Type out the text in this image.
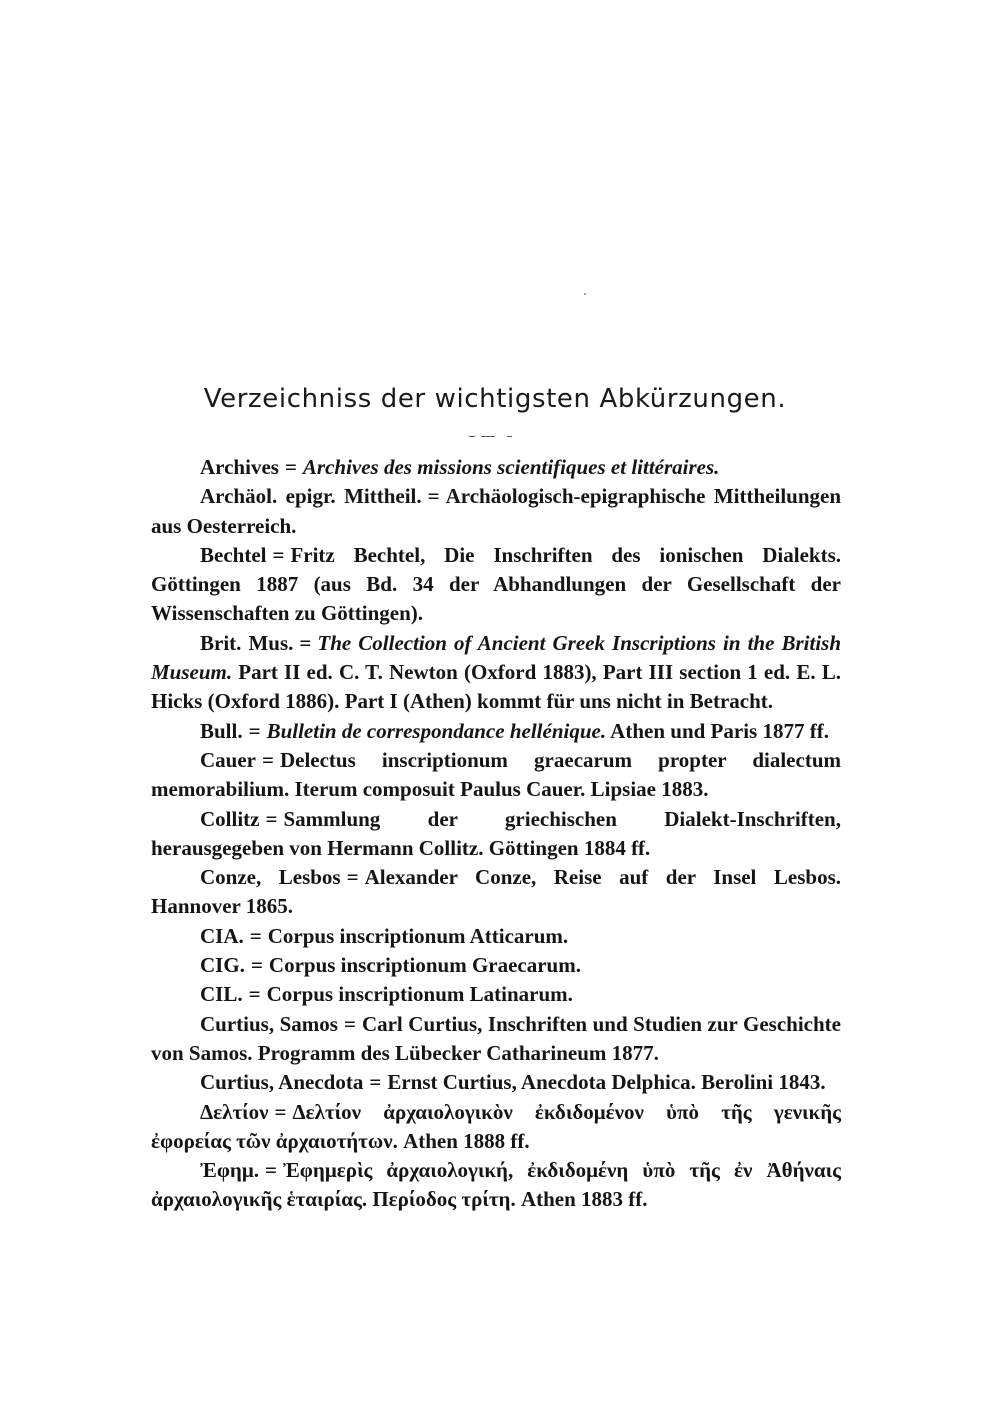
Verzeichniss der wichtigsten Abkürzungen.

Archives = Archives des missions scientifiques et littéraires.

Archäol. epigr. Mittheil. = Archäologisch-epigraphische Mittheilungen aus Oesterreich.

Bechtel = Fritz Bechtel, Die Inschriften des ionischen Dialekts. Göttingen 1887 (aus Bd. 34 der Abhandlungen der Gesellschaft der Wissenschaften zu Göttingen).

Brit. Mus. = The Collection of Ancient Greek Inscriptions in the British Museum. Part II ed. C. T. Newton (Oxford 1883), Part III section 1 ed. E. L. Hicks (Oxford 1886). Part I (Athen) kommt für uns nicht in Betracht.

Bull. = Bulletin de correspondance hellénique. Athen und Paris 1877 ff.

Cauer = Delectus inscriptionum graecarum propter dialectum memorabilium. Iterum composuit Paulus Cauer. Lipsiae 1883.

Collitz = Sammlung der griechischen Dialekt-Inschriften, herausgegeben von Hermann Collitz. Göttingen 1884 ff.

Conze, Lesbos = Alexander Conze, Reise auf der Insel Lesbos. Hannover 1865.

CIA. = Corpus inscriptionum Atticarum.

CIG. = Corpus inscriptionum Graecarum.

CIL. = Corpus inscriptionum Latinarum.

Curtius, Samos = Carl Curtius, Inschriften und Studien zur Geschichte von Samos. Programm des Lübecker Catharineum 1877.

Curtius, Anecdota = Ernst Curtius, Anecdota Delphica. Berolini 1843.

Δελτίον = Δελτίον ἀρχαιολογικὸν ἐκδιδομένον ὑπὸ τῆς γενικῆς ἐφορείας τῶν ἀρχαιοτήτων. Athen 1888 ff.

Ἐφημ. = Ἐφημερὶς ἀρχαιολογική, ἐκδιδομένη ὑπὸ τῆς ἐν Ἀθήναις ἀρχαιολογικῆς ἑταιρίας. Περίοδος τρίτη. Athen 1883 ff.
